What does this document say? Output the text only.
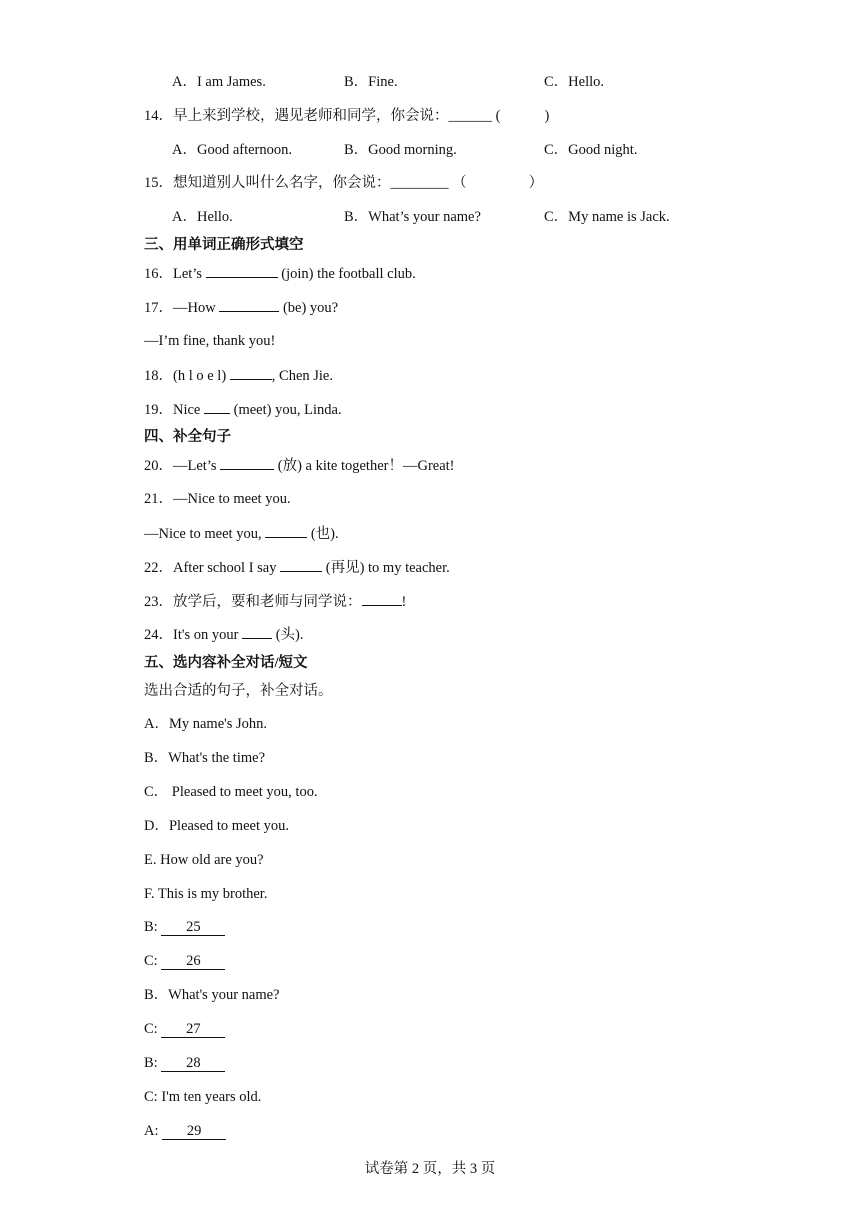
A．I am James.	B．Fine.	C．Hello.
14．早上来到学校，遇见老师和同学，你会说：______ (	)
A．Good afternoon.	B．Good morning.	C．Good night.
15．想知道别人叫什么名字，你会说：________ （	）
A．Hello.	B．What’s your name?	C．My name is Jack.
三、用单词正确形式填空
16．Let’s	(join) the football club.
17．—How	(be) you?
—I’m fine, thank you!
18．(h l o e l)	, Chen Jie.
19．Nice  (meet) you, Linda.
四、补全句子
20．—Let’s	(放) a kite together！—Great!
21．—Nice to meet you.
—Nice to meet you,	(也).
22．After school I say	(再见) to my teacher.
23．放学后，要和老师与同学说：	!
24．It's on your  (头).
五、选内容补全对话/短文
选出合适的句子，补全对话。
A．My name's John.
B．What's the time?
C． Pleased to meet you, too.
D．Pleased to meet you.
E. How old are you?
F. This is my brother.
B: 25
C: 26
B．What's your name?
C: 27
B: 28
C: I'm ten years old.
A: 29
试卷第 2 页，共 3 页
